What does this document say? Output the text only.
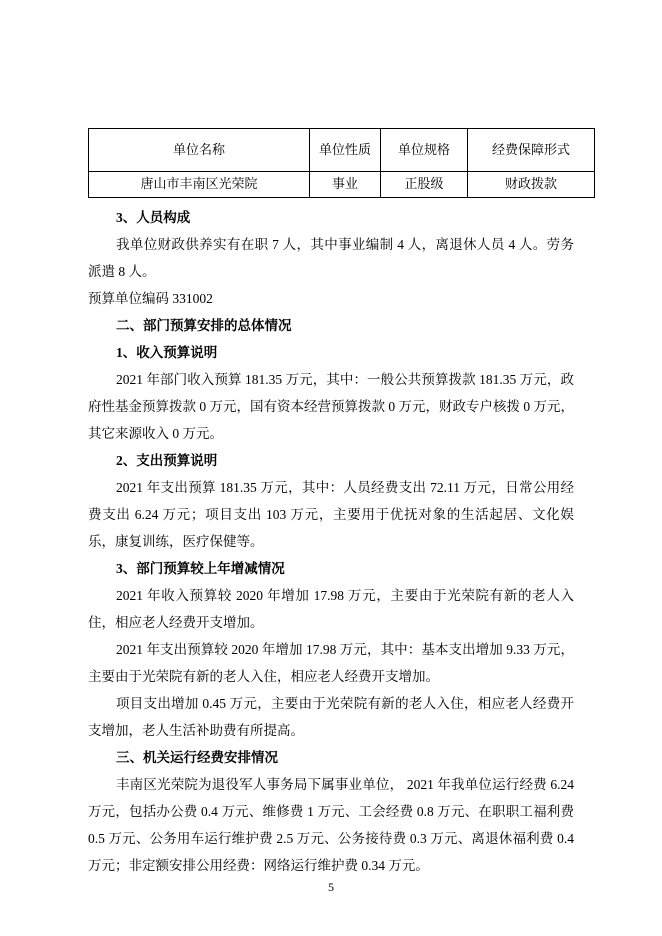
单位名称	单位性质	单位规格	经费保障形式
唐山市丰南区光荣院	事业	正股级	财政拨款

3、人员构成

我单位财政供养实有在职 7 人，其中事业编制 4 人，离退休人员 4 人。劳务派遣 8 人。

预算单位编码 331002

二、部门预算安排的总体情况

1、收入预算说明

2021 年部门收入预算 181.35 万元，其中：一般公共预算拨款 181.35 万元，政府性基金预算拨款 0 万元，国有资本经营预算拨款 0 万元，财政专户核拨 0 万元，其它来源收入 0 万元。

2、支出预算说明

2021 年支出预算 181.35 万元，其中：人员经费支出 72.11 万元，日常公用经费支出 6.24 万元；项目支出 103 万元，主要用于优抚对象的生活起居、文化娱乐，康复训练，医疗保健等。

3、部门预算较上年增减情况

2021 年收入预算较 2020 年增加 17.98 万元，主要由于光荣院有新的老人入住，相应老人经费开支增加。

2021 年支出预算较 2020 年增加 17.98 万元，其中：基本支出增加 9.33 万元，主要由于光荣院有新的老人入住，相应老人经费开支增加。

项目支出增加 0.45 万元，主要由于光荣院有新的老人入住，相应老人经费开支增加，老人生活补助费有所提高。

三、机关运行经费安排情况

丰南区光荣院为退役军人事务局下属事业单位， 2021 年我单位运行经费 6.24 万元，包括办公费 0.4 万元、维修费 1 万元、工会经费 0.8 万元、在职职工福利费 0.5 万元、公务用车运行维护费 2.5 万元、公务接待费 0.3 万元、离退休福利费 0.4 万元；非定额安排公用经费：网络运行维护费 0.34 万元。

5
